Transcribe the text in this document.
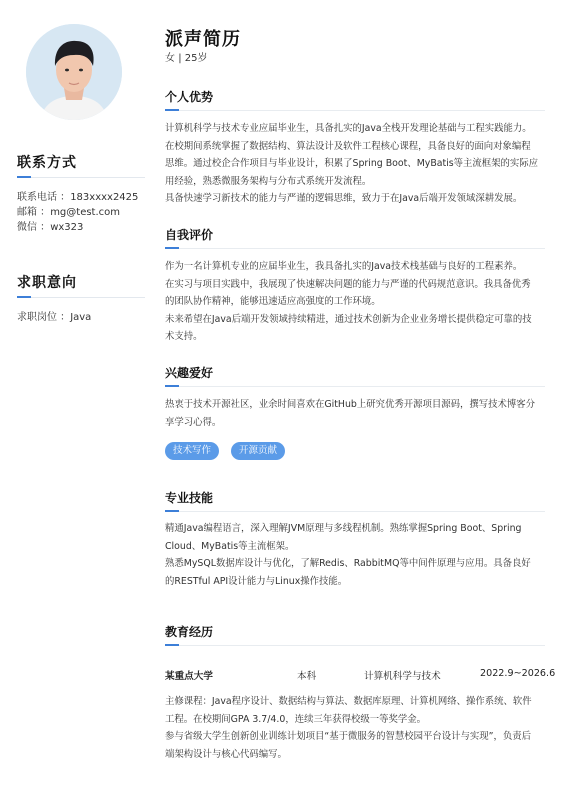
联系方式
联系电话 ：183xxxx2425
邮箱 ：mg@test.com
微信 ：wx323
求职意向
求职岗位 ：Java
派声简历
女 | 25岁
个人优势

计算机科学与技术专业应届毕业生，具备扎实的Java全栈开发理论基础与工程实践能力。

在校期间系统掌握了数据结构、算法设计及软件工程核心课程，具备良好的面向对象编程

思维。通过校企合作项目与毕业设计，积累了Spring Boot、MyBatis等主流框架的实际应

用经验，熟悉微服务架构与分布式系统开发流程。

具备快速学习新技术的能力与严谨的逻辑思维，致力于在Java后端开发领域深耕发展。

自我评价

作为一名计算机专业的应届毕业生，我具备扎实的Java技术栈基础与良好的工程素养。

在实习与项目实践中，我展现了快速解决问题的能力与严谨的代码规范意识。我具备优秀

的团队协作精神，能够迅速适应高强度的工作环境。

未来希望在Java后端开发领域持续精进，通过技术创新为企业业务增长提供稳定可靠的技

术支持。

兴趣爱好

热衷于技术开源社区，业余时间喜欢在GitHub上研究优秀开源项目源码，撰写技术博客分

享学习心得。

技术写作	开源贡献
专业技能

精通Java编程语言，深入理解JVM原理与多线程机制。熟练掌握Spring Boot、Spring

Cloud、MyBatis等主流框架。

熟悉MySQL数据库设计与优化，了解Redis、RabbitMQ等中间件原理与应用。具备良好

的RESTful API设计能力与Linux操作技能。

教育经历
某重点大学	本科	计算机科学与技术	2022.9~2026.6

主修课程：Java程序设计、数据结构与算法、数据库原理、计算机网络、操作系统、软件

工程。在校期间GPA 3.7/4.0，连续三年获得校级一等奖学金。

参与省级大学生创新创业训练计划项目“基于微服务的智慧校园平台设计与实现”，负责后

端架构设计与核心代码编写。
